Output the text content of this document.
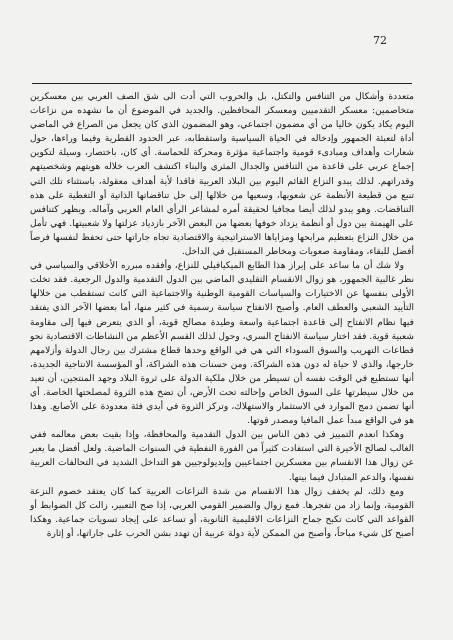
72

متعددة وأشكال من التنافس والتكتل، بل والحروب التي أدت الى شق الصف العربي بين معسكرين متخاصمين: معسكر التقدميين ومعسكر المحافظين. والجديد في الموضوع أن ما نشهده من نزاعات اليوم يكاد يكون خاليا من أي مضمون اجتماعي، وهو المضمون الذي كان يجعل من الصراع في الماضي أداة لتعبئة الجمهور وإدخاله في الحياة السياسية واستقطابه، عبر الحدود القطرية وفيما وراءها، حول شعارات وأهداف ومبادىء قومية واجتماعية مؤثرة ومحركة للحماسة. أي كان، باختصار، وسيلة لتكوين إجماع عربي على قاعدة من التنافس والجدال المثري والبناء اكتشف العرب خلاله هويتهم وشخصيتهم وقدراتهم. لذلك يبدو النزاع القائم اليوم بين البلاد العربية فاقدا لأية أهداف معقولة، باستثناء تلك التي تنبع من قطيعة الأنظمة عن شعوبها، وسعيها من خلالها إلى حل تناقضاتها الذاتية أو التغطية على هذه التناقضات. وهو يبدو لذلك أيضا مجافيا لحقيقة أمره لمشاعر الرأي العام العربي وآماله. ويظهر كتنافس على الهيمنة بين دول أو أنظمة يزداد خوفها بعضها من البعض الآخر بازدياد عزلتها ولا شعبيتها. فهي تأمل من خلال النزاع بتعظيم مرابحها ومزاياها الاستراتيجية والاقتصادية تجاه جاراتها حتى تحفظ لنفسها فرصاً أفضل للبقاء، ومقاومة صعوبات ومخاطر المستقبل في الداخل.

ولا شك أن ما ساعد على إبراز هذا الطابع الميكيافيلي للنزاع، وأفقده مبرره الأخلاقي والسياسي في نظر غالبية الجمهور، هو زوال الانقسام التقليدي الماضي بين الدول التقدمية والدول الرجعية. فقد تخلت الأولى بنفسها عن الاختيارات والسياسات القومية الوطنية والاجتماعية التي كانت تستقطب من خلالها التأييد الشعبي والعطف العام. وأصبح الانفتاح سياسة رسمية في كثير منها، أما بعضها الآخر الذي يفتقد فيها نظام الانفتاح إلى قاعدة اجتماعية واسعة وطيدة مصالح قوية، أو الذي يتعرض فيها إلى مقاومة شعبية قوية. فقد اختار سياسة الانفتاح السري، وحول لذلك القسم الأعظم من النشاطات الاقتصادية نحو قطاعات التهريب والسوق السوداء التي هي في الواقع وحدها قطاع مشترك بين رجال الدولة وأزلامهم خارجها، والذي لا حياة له دون هذه الشراكة. ومن حسنات هذه الشراكة، أو المؤسسة الانتاجية الجديدة، أنها تستطيع في الوقت نفسه أن تسيطر من خلال ملكية الدولة على ثروة البلاد وجهد المنتجين، أن تعيد من خلال سيطرتها على السوق الخاص وإحالته تحت الأرض، أن تضخ هذه الثروة لمصلحتها الخاصة. أي أنها تضمن دمج الموارد في الاستثمار والاستهلاك، وتركز الثروة في أيدي فئة معدودة على الأصابع. وهذا هو في الواقع مبدأ عمل المافيا ومصدر قوتها.

وهكذا انعدم التمييز في ذهن الناس بين الدول التقدمية والمحافظة، وإذا بقيت بعض معالمه ففي الغالب لصالح الأخيرة التي استفادت كثيراً من الفورة النفطية في السنوات الماضية. ولعل أفضل ما يعبر عن زوال هذا الانقسام بين معسكرين اجتماعيين وإيديولوجيين هو التداخل الشديد في التحالفات العربية نفسها، والدعم المتبادل فيما بينها.

ومع ذلك، لم يخفف زوال هذا الانقسام من شدة النزاعات العربية كما كان يعتقد خصوم النزعة القومية، وإنما زاد من تفجرها. فمع زوال والضمير القومي العربي، إذا صح التعبير، زالت كل الضوابط أو القواعد التي كانت تكبح جماح النزاعات الاقليمية الثانوية، أو تساعد على إيجاد تسويات جماعية. وهكذا أصبح كل شيء مباحاً، وأصبح من الممكن لأية دولة عربية أن تهدد بشن الحرب على جاراتها، أو إثارة
